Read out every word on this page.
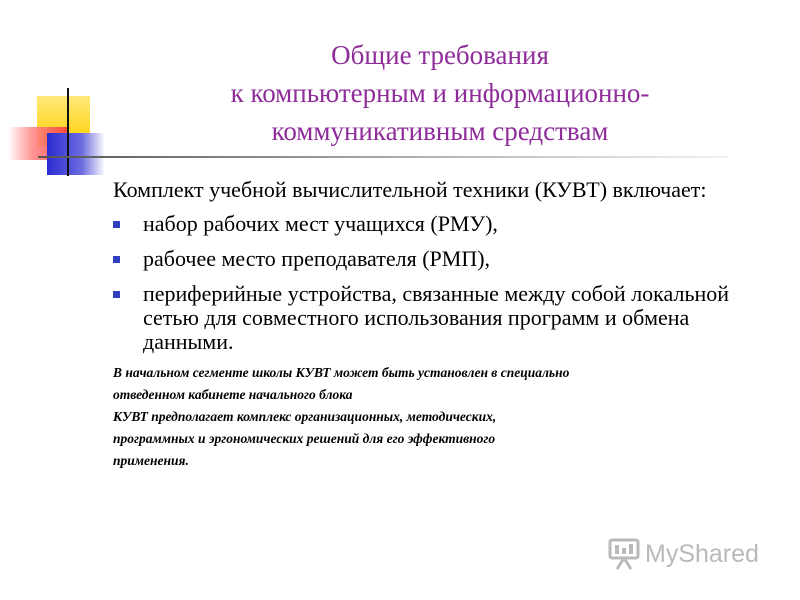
Общие требования
к компьютерным и информационно-
коммуникативным средствам

Комплект учебной вычислительной техники (КУВТ) включает:

набор рабочих мест учащихся (РМУ),
рабочее место преподавателя (РМП),
периферийные устройства, связанные между собой локальной сетью для совместного использования программ и обмена данными.

В начальном сегменте школы КУВТ может быть установлен в специально

отведенном кабинете начального блока

КУВТ предполагает комплекс организационных, методических,

программных и эргономических решений для его эффективного

применения.

MyShared
